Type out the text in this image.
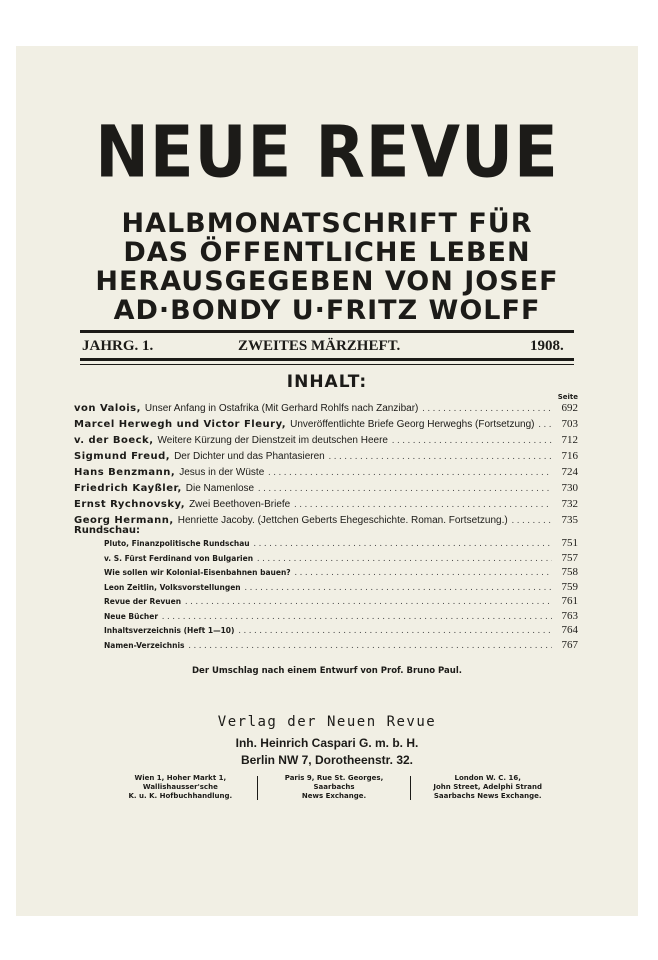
NEUE REVUE
HALBMONATSCHRIFT FÜR
DAS ÖFFENTLICHE LEBEN
HERAUSGEGEBEN VON JOSEF
AD·BONDY U·FRITZ WOLFF
JAHRG. 1.	ZWEITES MÄRZHEFT.	1908.
INHALT:
Seite
von Valois, Unser Anfang in Ostafrika (Mit Gerhard Rohlfs nach Zanzibar) .....	692
Marcel Herwegh und Victor Fleury, Unveröffentlichte Briefe Georg Herweghs (Fortsetzung) .....	703
v. der Boeck, Weitere Kürzung der Dienstzeit im deutschen Heere .....	712
Sigmund Freud, Der Dichter und das Phantasieren .....	716
Hans Benzmann, Jesus in der Wüste .....	724
Friedrich Kayßler, Die Namenlose .....	730
Ernst Rychnovsky, Zwei Beethoven-Briefe .....	732
Georg Hermann, Henriette Jacoby. (Jettchen Geberts Ehegeschichte. Roman. Fortsetzung.) .....	735
Rundschau:
Pluto, Finanzpolitische Rundschau .....	751
v. S. Fürst Ferdinand von Bulgarien .....	757
Wie sollen wir Kolonial-Eisenbahnen bauen? .....	758
Leon Zeitlin, Volksvorstellungen .....	759
Revue der Revuen .....	761
Neue Bücher .....	763
Inhaltsverzeichnis (Heft 1—10) .....	764
Namen-Verzeichnis .....	767
Der Umschlag nach einem Entwurf von Prof. Bruno Paul.
Verlag der Neuen Revue
Inh. Heinrich Caspari G. m. b. H.
Berlin NW 7, Dorotheenstr. 32.
Wien 1, Hoher Markt 1,
Wallishausser'sche
K. u. K. Hofbuchhandlung.
Paris 9, Rue St. Georges,
Saarbachs
News Exchange.
London W. C. 16,
John Street, Adelphi Strand
Saarbachs News Exchange.
